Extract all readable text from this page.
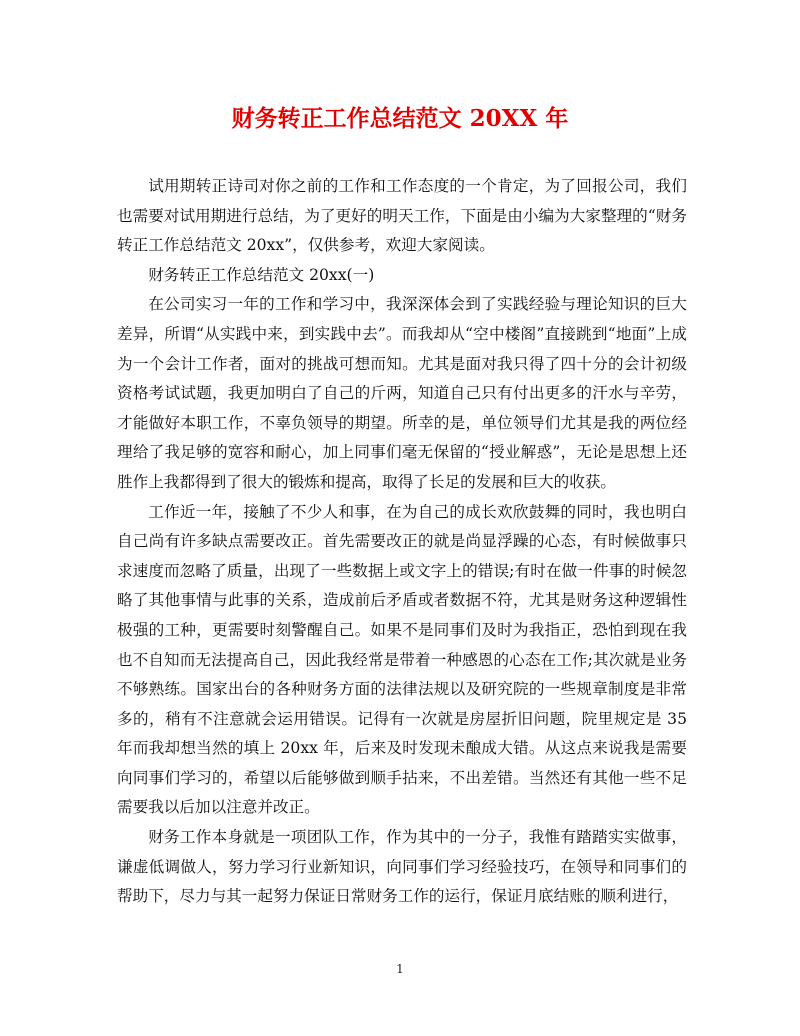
财务转正工作总结范文 20XX 年

试用期转正诗司对你之前的工作和工作态度的一个肯定，为了回报公司，我们也需要对试用期进行总结，为了更好的明天工作，下面是由小编为大家整理的“财务转正工作总结范文 20xx”，仅供参考，欢迎大家阅读。

财务转正工作总结范文 20xx(一)

在公司实习一年的工作和学习中，我深深体会到了实践经验与理论知识的巨大差异，所谓“从实践中来，到实践中去”。而我却从“空中楼阁”直接跳到“地面”上成为一个会计工作者，面对的挑战可想而知。尤其是面对我只得了四十分的会计初级资格考试试题，我更加明白了自己的斤两，知道自己只有付出更多的汗水与辛劳，才能做好本职工作，不辜负领导的期望。所幸的是，单位领导们尤其是我的两位经理给了我足够的宽容和耐心，加上同事们毫无保留的“授业解惑”，无论是思想上还胜作上我都得到了很大的锻炼和提高，取得了长足的发展和巨大的收获。

工作近一年，接触了不少人和事，在为自己的成长欢欣鼓舞的同时，我也明白自己尚有许多缺点需要改正。首先需要改正的就是尚显浮躁的心态，有时候做事只求速度而忽略了质量，出现了一些数据上或文字上的错误;有时在做一件事的时候忽略了其他事情与此事的关系，造成前后矛盾或者数据不符，尤其是财务这种逻辑性极强的工种，更需要时刻警醒自己。如果不是同事们及时为我指正，恐怕到现在我也不自知而无法提高自己，因此我经常是带着一种感恩的心态在工作;其次就是业务不够熟练。国家出台的各种财务方面的法律法规以及研究院的一些规章制度是非常多的，稍有不注意就会运用错误。记得有一次就是房屋折旧问题，院里规定是 35 年而我却想当然的填上 20xx 年，后来及时发现未酿成大错。从这点来说我是需要向同事们学习的，希望以后能够做到顺手拈来，不出差错。当然还有其他一些不足需要我以后加以注意并改正。

财务工作本身就是一项团队工作，作为其中的一分子，我惟有踏踏实实做事，谦虚低调做人，努力学习行业新知识，向同事们学习经验技巧，在领导和同事们的帮助下，尽力与其一起努力保证日常财务工作的运行，保证月底结账的顺利进行，

1
